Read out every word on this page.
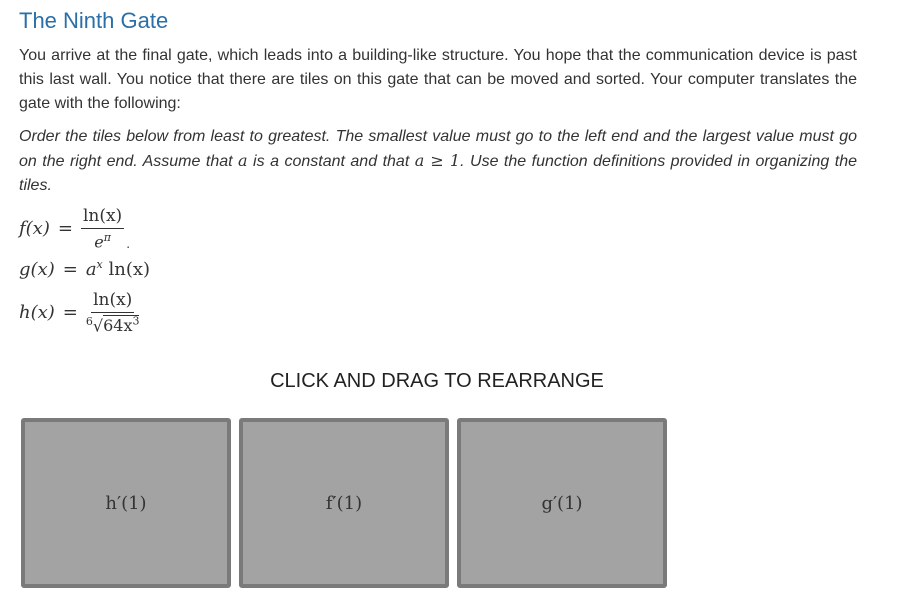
The Ninth Gate

You arrive at the final gate, which leads into a building-like structure. You hope that the communication device is past this last wall. You notice that there are tiles on this gate that can be moved and sorted. Your computer translates the gate with the following:

Order the tiles below from least to greatest. The smallest value must go to the left end and the largest value must go on the right end. Assume that a is a constant and that a ≥ 1. Use the function definitions provided in organizing the tiles.

$f(x) = \frac{\ln(x)}{e^\pi}$ .
$g(x) = a^x$ ln(x)
$h(x) = \frac{\ln(x)}{^6√64x^3}$
CLICK AND DRAG TO REARRANGE
h′(1)	f′(1)	g′(1)
